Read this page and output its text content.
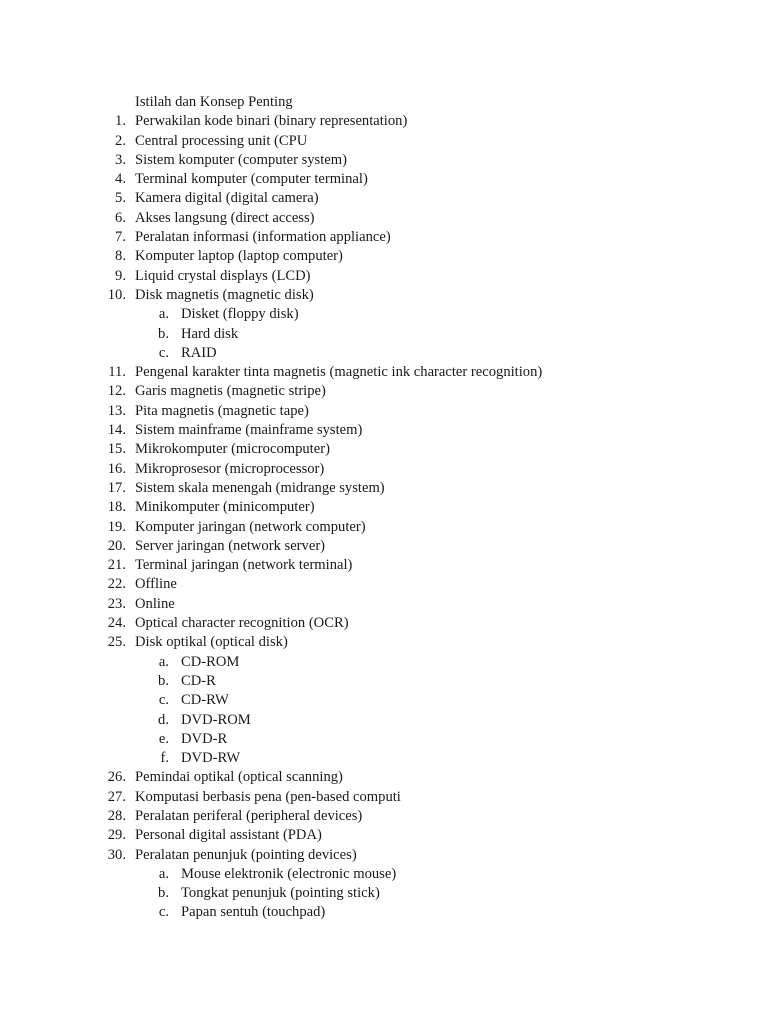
Istilah dan Konsep Penting
1. Perwakilan kode binari (binary representation)
2. Central processing unit (CPU
3. Sistem komputer (computer system)
4. Terminal komputer (computer terminal)
5. Kamera digital (digital camera)
6. Akses langsung (direct access)
7. Peralatan informasi (information appliance)
8. Komputer laptop (laptop computer)
9. Liquid crystal displays (LCD)
10. Disk magnetis (magnetic disk)
a. Disket (floppy disk)
b. Hard disk
c. RAID
11. Pengenal karakter tinta magnetis (magnetic ink character recognition)
12. Garis magnetis (magnetic stripe)
13. Pita magnetis (magnetic tape)
14. Sistem mainframe (mainframe system)
15. Mikrokomputer (microcomputer)
16. Mikroprosesor (microprocessor)
17. Sistem skala menengah (midrange system)
18. Minikomputer (minicomputer)
19. Komputer jaringan (network computer)
20. Server jaringan (network server)
21. Terminal jaringan (network terminal)
22. Offline
23. Online
24. Optical character recognition (OCR)
25. Disk optikal (optical disk)
a. CD-ROM
b. CD-R
c. CD-RW
d. DVD-ROM
e. DVD-R
f. DVD-RW
26. Pemindai optikal (optical scanning)
27. Komputasi berbasis pena (pen-based computi
28. Peralatan periferal (peripheral devices)
29. Personal digital assistant (PDA)
30. Peralatan penunjuk (pointing devices)
a. Mouse elektronik (electronic mouse)
b. Tongkat penunjuk (pointing stick)
c. Papan sentuh (touchpad)
